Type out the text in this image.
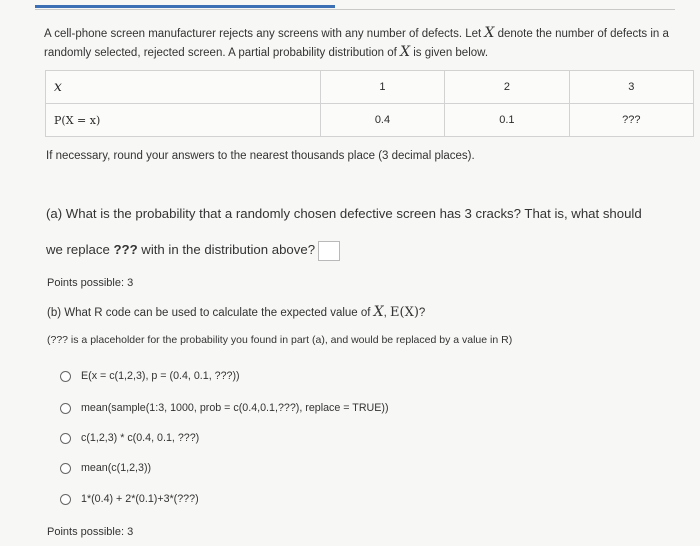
A cell-phone screen manufacturer rejects any screens with any number of defects. Let X denote the number of defects in a randomly selected, rejected screen. A partial probability distribution of X is given below.
x	1	2	3
P(X = x)	0.4	0.1	???
If necessary, round your answers to the nearest thousands place (3 decimal places).
(a) What is the probability that a randomly chosen defective screen has 3 cracks? That is, what should
we replace ??? with in the distribution above?
Points possible: 3
(b) What R code can be used to calculate the expected value of X, E(X)?
(??? is a placeholder for the probability you found in part (a), and would be replaced by a value in R)
E(x = c(1,2,3), p = (0.4, 0.1, ???))
mean(sample(1:3, 1000, prob = c(0.4,0.1,???), replace = TRUE))
c(1,2,3) * c(0.4, 0.1, ???)
mean(c(1,2,3))
1*(0.4) + 2*(0.1)+3*(???)
Points possible: 3
